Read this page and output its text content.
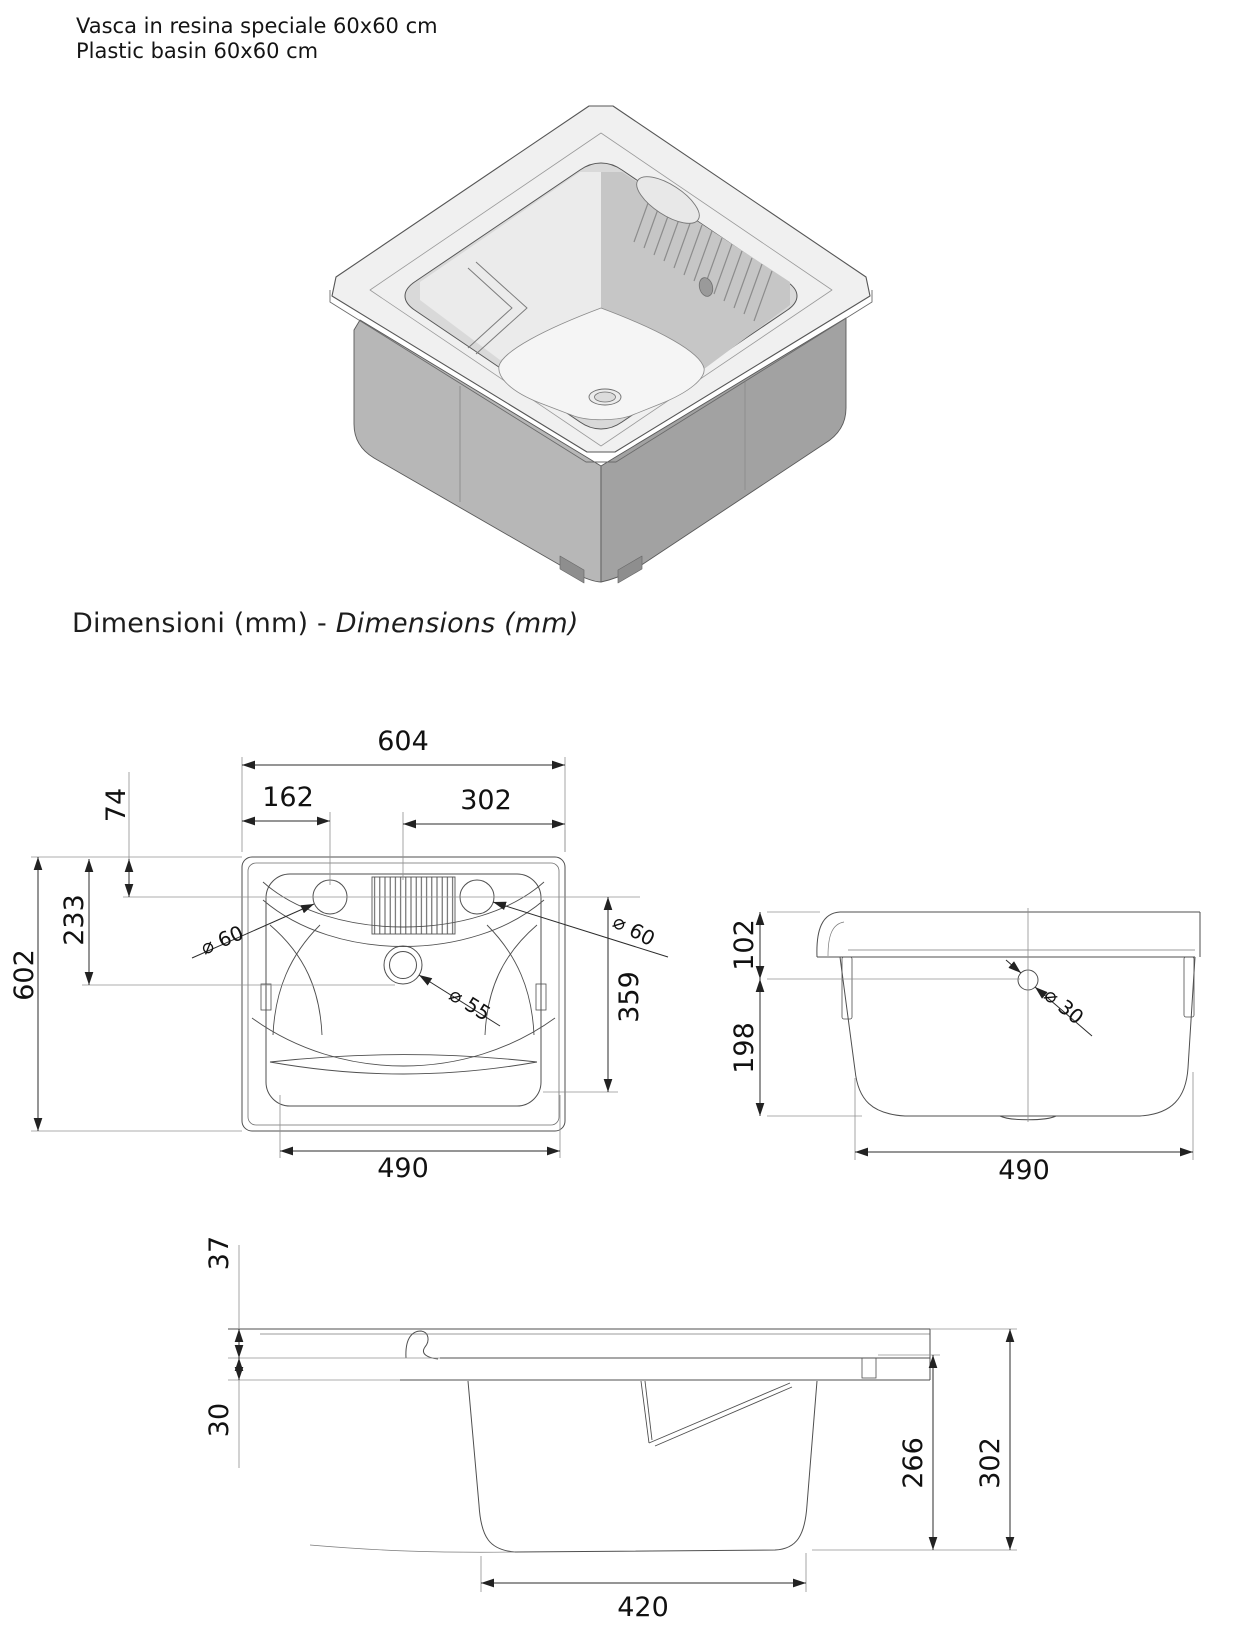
Vasca in resina speciale 60x60 cm
Plastic basin 60x60 cm
Dimensioni (mm) - Dimensions (mm)
604
162	302
74
233
602	359
490
⌀ 60	⌀ 60
⌀ 55
102
198
490
⌀ 30
37
30
266 302
420
